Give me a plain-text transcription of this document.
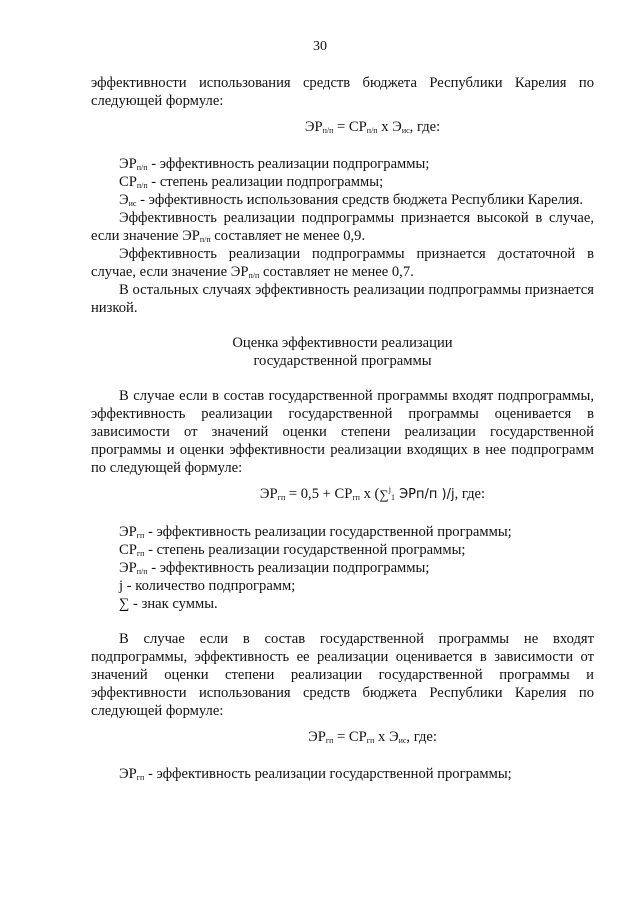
30

эффективности использования средств бюджета Республики Карелия по

следующей формуле:

$ЭР_{п/п} = СР_{п/п}$ x $Э_{ис}$, где:

$ЭР_{п/п}$ - эффективность реализации подпрограммы;

$СР_{п/п}$ - степень реализации подпрограммы;

$Э_{ис}$ - эффективность использования средств бюджета Республики Карелия.

Эффективность реализации подпрограммы признается высокой в случае, если значение $ЭР_{п/п}$ составляет не менее 0,9.

Эффективность реализации подпрограммы признается достаточной в случае, если значение $ЭР_{п/п}$ составляет не менее 0,7.

В остальных случаях эффективность реализации подпрограммы признается низкой.

Оценка эффективности реализации

государственной программы

В случае если в состав государственной программы входят подпрограммы, эффективность реализации государственной программы оценивается в зависимости от значений оценки степени реализации государственной программы и оценки эффективности реализации входящих в нее подпрограмм по следующей формуле:

$ЭР_{гп} = 0,5 + СР_{гп}$ x (∑$^j_1$ ЭРп/п )/j, где:

$ЭР_{гп}$ - эффективность реализации государственной программы;

$СР_{гп}$ - степень реализации государственной программы;

$ЭР_{п/п}$ - эффективность реализации подпрограммы;

j - количество подпрограмм;

∑ - знак суммы.

В случае если в состав государственной программы не входят подпрограммы, эффективность ее реализации оценивается в зависимости от значений оценки степени реализации государственной программы и эффективности использования средств бюджета Республики Карелия по следующей формуле:

$ЭР_{гп} = СР_{гп}$ x $Э_{ис}$, где:

$ЭР_{гп}$ - эффективность реализации государственной программы;
